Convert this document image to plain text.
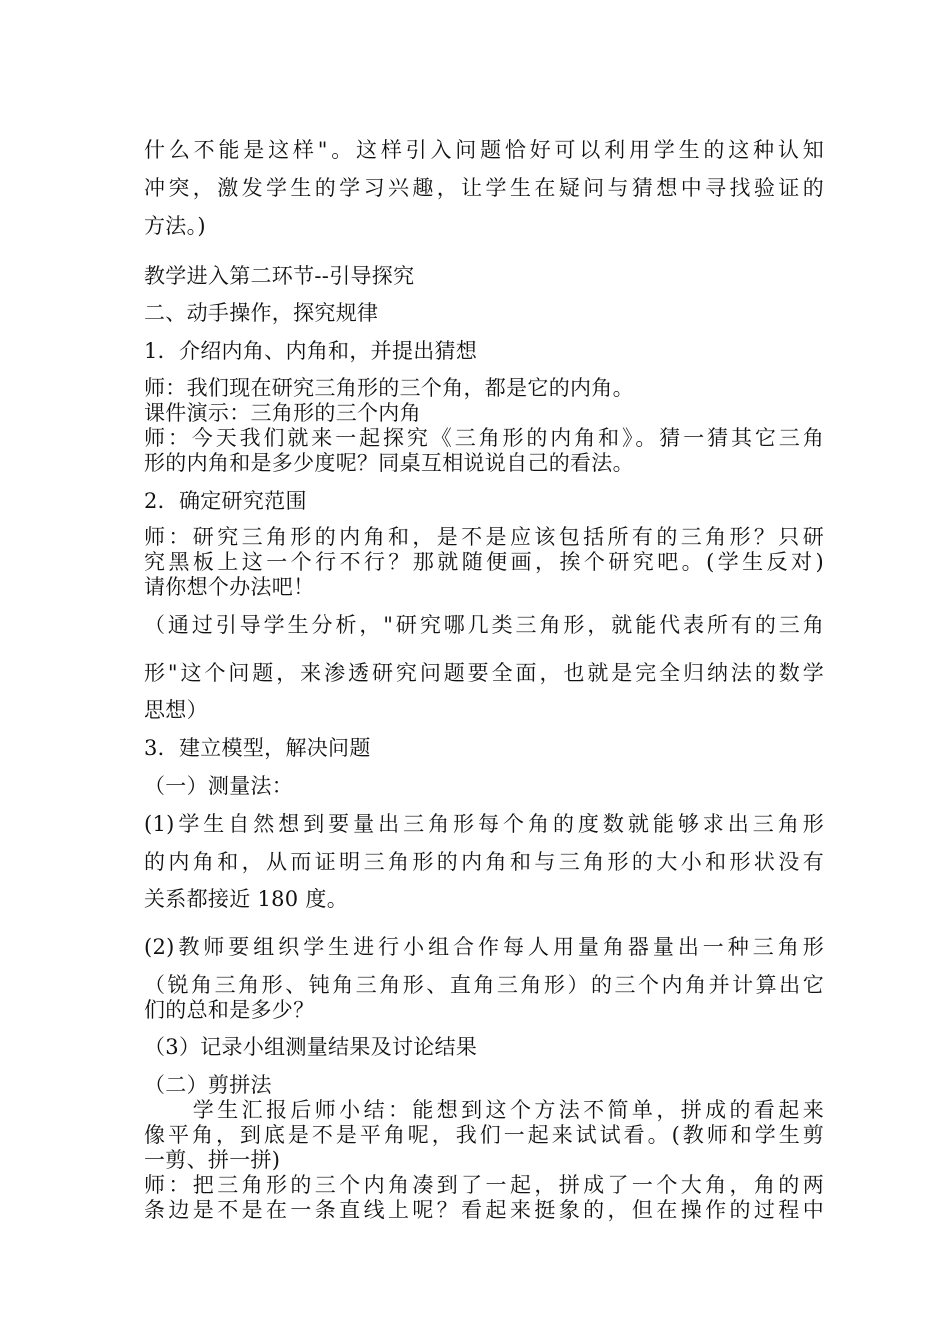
什么不能是这样"。这样引入问题恰好可以利用学生的这种认知
冲突，激发学生的学习兴趣，让学生在疑问与猜想中寻找验证的
方法。)
教学进入第二环节--引导探究
二、动手操作，探究规律
1．介绍内角、内角和，并提出猜想
师：我们现在研究三角形的三个角，都是它的内角。
课件演示：三角形的三个内角
师：今天我们就来一起探究《三角形的内角和》。猜一猜其它三角
形的内角和是多少度呢？同桌互相说说自己的看法。
2．确定研究范围
师：研究三角形的内角和，是不是应该包括所有的三角形？只研
究黑板上这一个行不行？那就随便画，挨个研究吧。(学生反对)
请你想个办法吧！
（通过引导学生分析，"研究哪几类三角形，就能代表所有的三角
形"这个问题，来渗透研究问题要全面，也就是完全归纳法的数学
思想）
3．建立模型，解决问题
（一）测量法：
(1)学生自然想到要量出三角形每个角的度数就能够求出三角形
的内角和，从而证明三角形的内角和与三角形的大小和形状没有
关系都接近 180 度。
(2)教师要组织学生进行小组合作每人用量角器量出一种三角形
（锐角三角形、钝角三角形、直角三角形）的三个内角并计算出它
们的总和是多少？
（3）记录小组测量结果及讨论结果
（二）剪拼法
　　学生汇报后师小结：能想到这个方法不简单，拼成的看起来
像平角，到底是不是平角呢，我们一起来试试看。(教师和学生剪
一剪、拼一拼)
师：把三角形的三个内角凑到了一起，拼成了一个大角，角的两
条边是不是在一条直线上呢？看起来挺象的，但在操作的过程中
